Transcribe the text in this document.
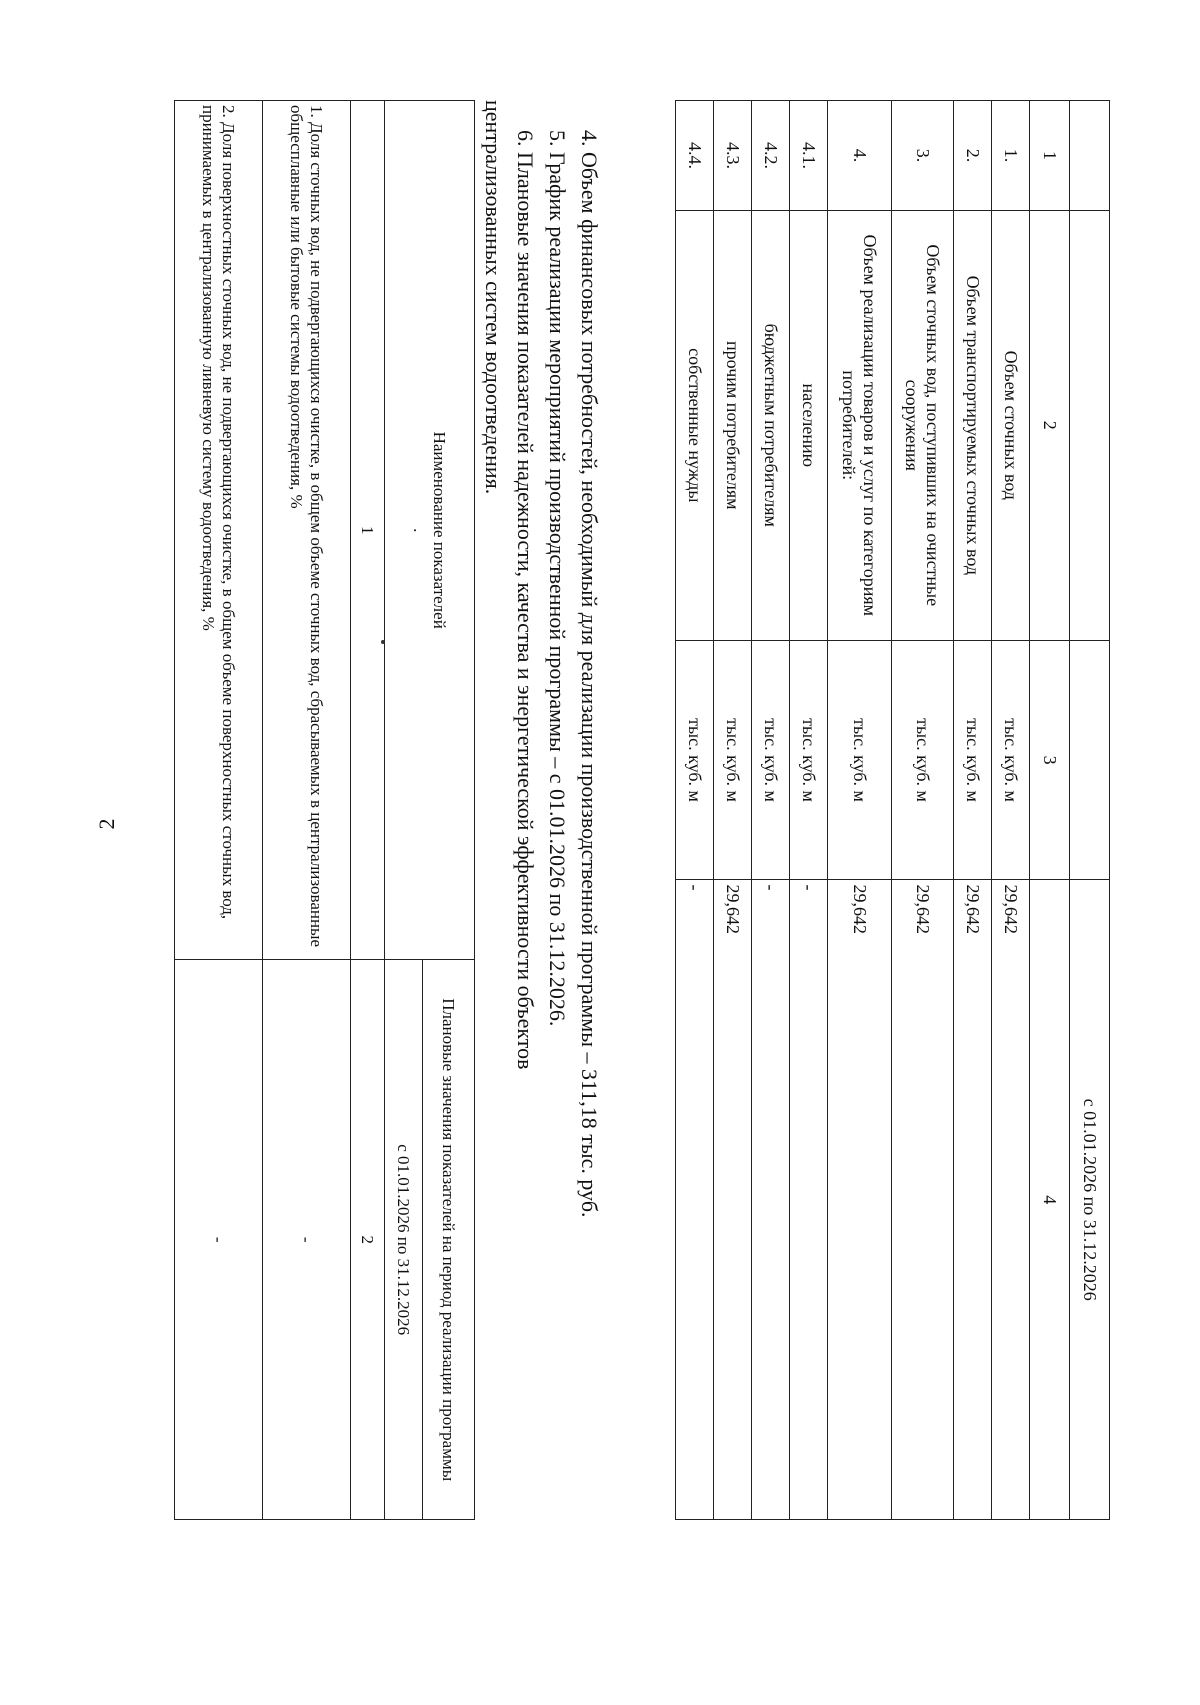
2
			с 01.01.2026 по 31.12.2026
1	2	3	4
1.	Объем сточных вод	тыс. куб. м	29,642
2.	Объем транспортируемых сточных вод	тыс. куб. м	29,642
3.	Объем сточных вод, поступивших на очистные сооружения	тыс. куб. м	29,642
4.	Объем реализации товаров и услуг по категориям потребителей:	тыс. куб. м	29,642
4.1.	населению	тыс. куб. м	-
4.2.	бюджетным потребителям	тыс. куб. м	-
4.3.	прочим потребителям	тыс. куб. м	29,642
4.4.	собственные нужды	тыс. куб. м	-
4. Объем финансовых потребностей, необходимый для реализации производственной программы – 311,18 тыс. руб.
5. График реализации мероприятий производственной программы – с 01.01.2026 по 31.12.2026.
6. Плановые значения показателей надежности, качества и энергетической эффективности объектов
централизованных систем водоотведения.
Наименование показателей
.	Плановые значения показателей на период реализации программы
	с 01.01.2026 по 31.12.2026
1	2
1. Доля сточных вод, не подвергающихся очистке, в общем объеме сточных вод, сбрасываемых в централизованные общесплавные или бытовые системы водоотведения, %	-
2. Доля поверхностных сточных вод, не подвергающихся очистке, в общем объеме поверхностных сточных вод, принимаемых в централизованную ливневую систему водоотведения, %	-
